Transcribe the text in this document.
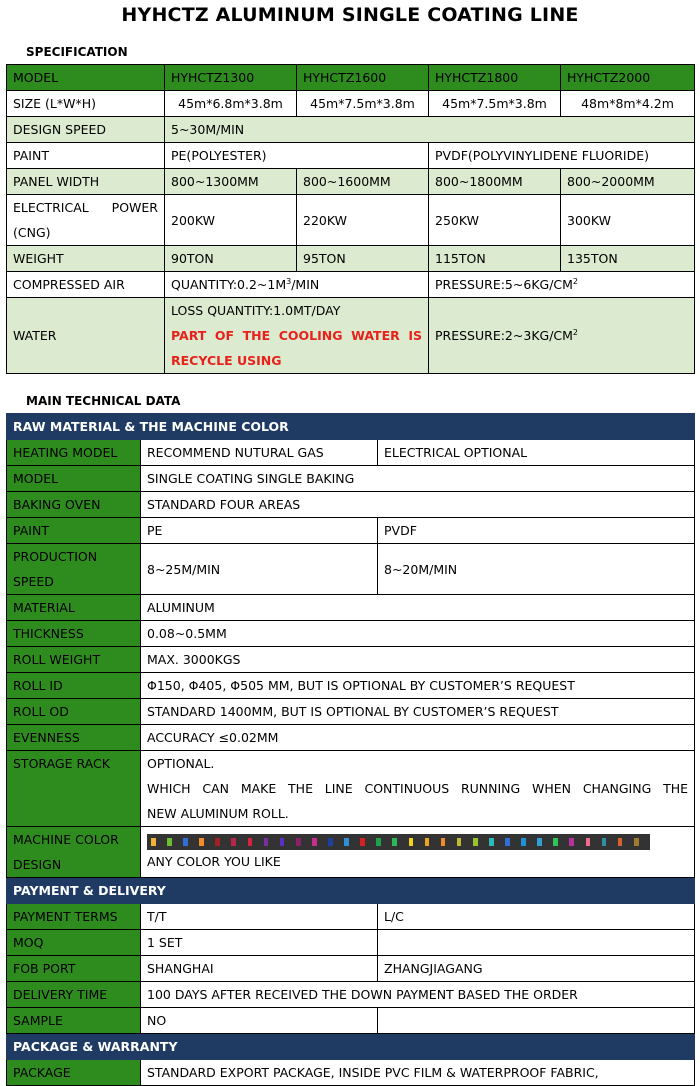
HYHCTZ ALUMINUM SINGLE COATING LINE
SPECIFICATION
MODEL	HYHCTZ1300	HYHCTZ1600	HYHCTZ1800	HYHCTZ2000
SIZE (L*W*H)	45m*6.8m*3.8m	45m*7.5m*3.8m	45m*7.5m*3.8m	48m*8m*4.2m
DESIGN SPEED	5~30M/MIN			
PAINT	PE(POLYESTER)		PVDF(POLYVINYLIDENE FLUORIDE)	
PANEL WIDTH	800~1300MM	800~1600MM	800~1800MM	800~2000MM

ELECTRICAL POWER
(CNG)	200KW	220KW	250KW	300KW
WEIGHT	90TON	95TON	115TON	135TON
COMPRESSED AIR	$QUANTITY:0.2\sim 1M^3$/MIN		$PRESSURE:5\sim 6KG/CM^2$
WATER	LOSS QUANTITY:1.0MT/DAY
PART OF THE COOLING WATER IS
RECYCLE USING		$PRESSURE:2\sim 3KG/CM^2$
MAIN TECHNICAL DATA
RAW MATERIAL & THE MACHINE COLOR		
HEATING MODEL	RECOMMEND NUTURAL GAS	ELECTRICAL OPTIONAL
MODEL	SINGLE COATING SINGLE BAKING	
BAKING OVEN	STANDARD FOUR AREAS	
PAINT	PE	PVDF

PRODUCTION
SPEED	8~25M/MIN	8~20M/MIN
MATERIAL	ALUMINUM	
THICKNESS	0.08~0.5MM	
ROLL WEIGHT	MAX. 3000KGS	
ROLL ID	Φ150, Φ405, Φ505 MM, BUT IS OPTIONAL BY CUSTOMER’S REQUEST	
ROLL OD	STANDARD 1400MM, BUT IS OPTIONAL BY CUSTOMER’S REQUEST	
EVENNESS	ACCURACY ≤0.02MM	
STORAGE RACK	OPTIONAL.
WHICH CAN MAKE THE LINE CONTINUOUS RUNNING WHEN CHANGING THE
NEW ALUMINUM ROLL.	

MACHINE COLOR
DESIGN	ANY COLOR YOU LIKE	

PAYMENT & DELIVERY		
PAYMENT TERMS	T/T	L/C
MOQ	1 SET	
FOB PORT	SHANGHAI	ZHANGJIAGANG
DELIVERY TIME	100 DAYS AFTER RECEIVED THE DOWN PAYMENT BASED THE ORDER	
SAMPLE	NO	
PACKAGE & WARRANTY		
PACKAGE	STANDARD EXPORT PACKAGE, INSIDE PVC FILM & WATERPROOF FABRIC,	
